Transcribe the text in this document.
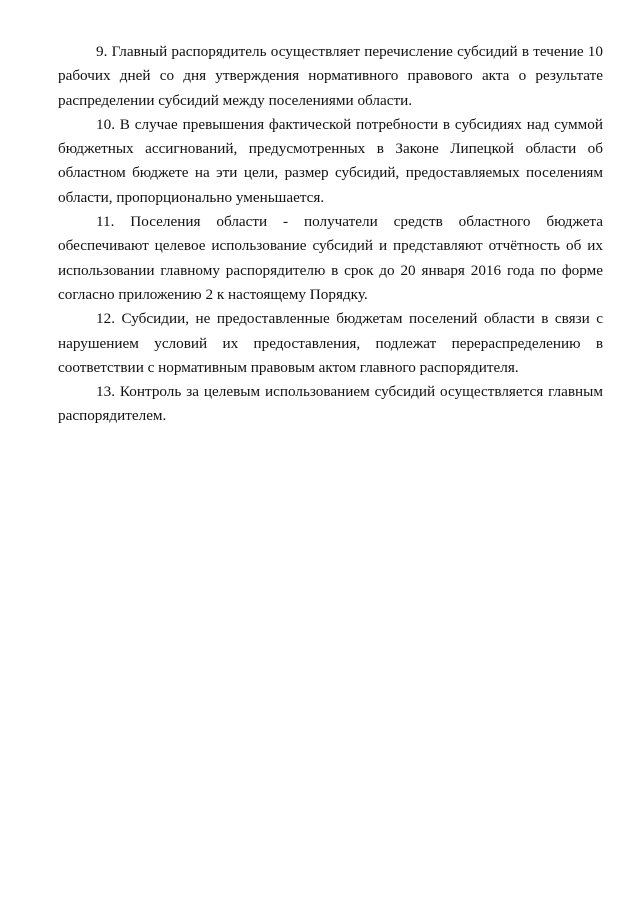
9. Главный распорядитель осуществляет перечисление субсидий в течение 10 рабочих дней со дня утверждения нормативного правового акта о результате распределении субсидий между поселениями области.

10. В случае превышения фактической потребности в субсидиях над суммой бюджетных ассигнований, предусмотренных в Законе Липецкой области об областном бюджете на эти цели, размер субсидий, предоставляемых поселениям области, пропорционально уменьшается.

11. Поселения области - получатели средств областного бюджета обеспечивают целевое использование субсидий и представляют отчётность об их использовании главному распорядителю в срок до 20 января 2016 года по форме согласно приложению 2 к настоящему Порядку.

12. Субсидии, не предоставленные бюджетам поселений области в связи с нарушением условий их предоставления, подлежат перераспределению в соответствии с нормативным правовым актом главного распорядителя.

13. Контроль за целевым использованием субсидий осуществляется главным распорядителем.
